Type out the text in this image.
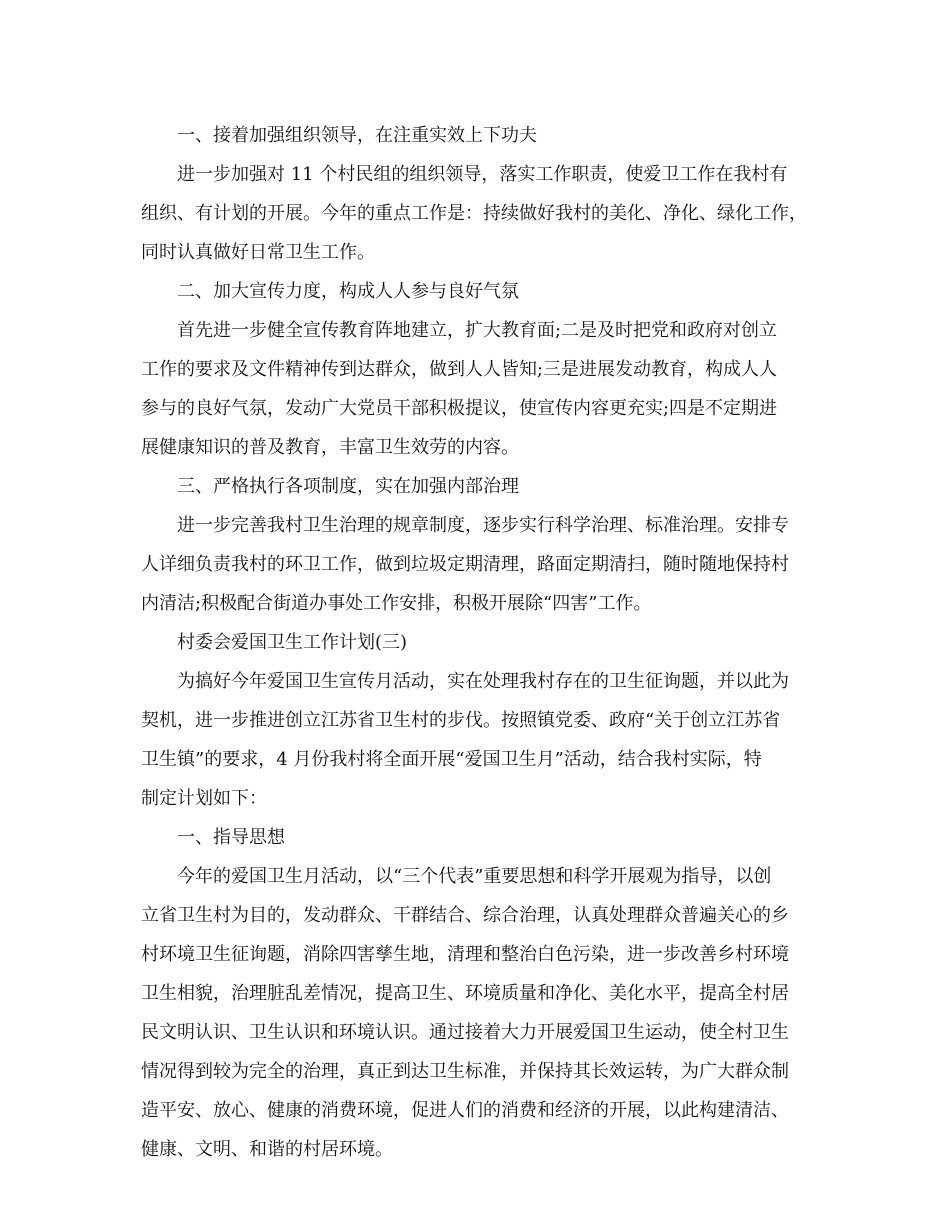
一、接着加强组织领导，在注重实效上下功夫
进一步加强对 11 个村民组的组织领导，落实工作职责，使爱卫工作在我村有
组织、有计划的开展。今年的重点工作是：持续做好我村的美化、净化、绿化工作，
同时认真做好日常卫生工作。
二、加大宣传力度，构成人人参与良好气氛
首先进一步健全宣传教育阵地建立，扩大教育面;二是及时把党和政府对创立
工作的要求及文件精神传到达群众，做到人人皆知;三是进展发动教育，构成人人
参与的良好气氛，发动广大党员干部积极提议，使宣传内容更充实;四是不定期进
展健康知识的普及教育，丰富卫生效劳的内容。
三、严格执行各项制度，实在加强内部治理
进一步完善我村卫生治理的规章制度，逐步实行科学治理、标准治理。安排专
人详细负责我村的环卫工作，做到垃圾定期清理，路面定期清扫，随时随地保持村
内清洁;积极配合街道办事处工作安排，积极开展除“四害”工作。
村委会爱国卫生工作计划(三)
为搞好今年爱国卫生宣传月活动，实在处理我村存在的卫生征询题，并以此为
契机，进一步推进创立江苏省卫生村的步伐。按照镇党委、政府“关于创立江苏省
卫生镇”的要求，4 月份我村将全面开展“爱国卫生月”活动，结合我村实际，特
制定计划如下：
一、指导思想
今年的爱国卫生月活动，以“三个代表”重要思想和科学开展观为指导，以创
立省卫生村为目的，发动群众、干群结合、综合治理，认真处理群众普遍关心的乡
村环境卫生征询题，消除四害孳生地，清理和整治白色污染，进一步改善乡村环境
卫生相貌，治理脏乱差情况，提高卫生、环境质量和净化、美化水平，提高全村居
民文明认识、卫生认识和环境认识。通过接着大力开展爱国卫生运动，使全村卫生
情况得到较为完全的治理，真正到达卫生标准，并保持其长效运转，为广大群众制
造平安、放心、健康的消费环境，促进人们的消费和经济的开展，以此构建清洁、
健康、文明、和谐的村居环境。
